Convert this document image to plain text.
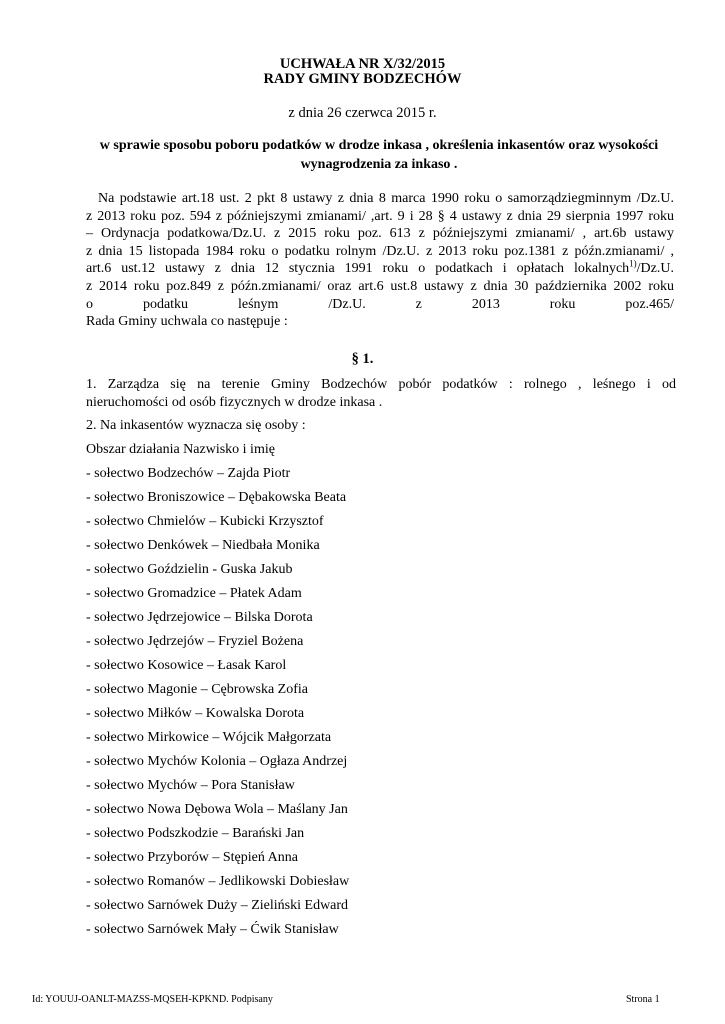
UCHWAŁA NR X/32/2015
RADY GMINY BODZECHÓW
z dnia 26 czerwca 2015 r.
w sprawie sposobu poboru podatków w drodze inkasa , określenia inkasentów oraz wysokości
wynagrodzenia za inkaso .
Na podstawie art.18 ust. 2 pkt 8 ustawy z dnia 8 marca 1990 roku o samorządziegminnym /Dz.U.
z 2013 roku poz. 594 z późniejszymi zmianami/ ,art. 9 i 28 § 4 ustawy z dnia 29 sierpnia 1997 roku
– Ordynacja podatkowa/Dz.U. z 2015 roku poz. 613 z późniejszymi zmianami/ , art.6b ustawy
z dnia 15 listopada 1984 roku o podatku rolnym /Dz.U. z 2013 roku poz.1381 z późn.zmianami/ ,
art.6 ust.12 ustawy z dnia 12 stycznia 1991 roku o podatkach i opłatach lokalnych$^{1)}$/Dz.U.
z 2014 roku poz.849 z późn.zmianami/ oraz art.6 ust.8 ustawy z dnia 30 października 2002 roku
o podatku leśnym /Dz.U. z 2013 roku poz.465/
Rada Gminy uchwala co następuje :
§ 1.
1. Zarządza się na terenie Gminy Bodzechów pobór podatków : rolnego , leśnego i od
nieruchomości od osób fizycznych w drodze inkasa .
2. Na inkasentów wyznacza się osoby :
Obszar działania Nazwisko i imię
- sołectwo Bodzechów – Zajda Piotr
- sołectwo Broniszowice – Dębakowska Beata
- sołectwo Chmielów – Kubicki Krzysztof
- sołectwo Denkówek – Niedbała Monika
- sołectwo Goździelin - Guska Jakub
- sołectwo Gromadzice – Płatek Adam
- sołectwo Jędrzejowice – Bilska Dorota
- sołectwo Jędrzejów – Fryziel Bożena
- sołectwo Kosowice – Łasak Karol
- sołectwo Magonie – Cębrowska Zofia
- sołectwo Miłków – Kowalska Dorota
- sołectwo Mirkowice – Wójcik Małgorzata
- sołectwo Mychów Kolonia – Ogłaza Andrzej
- sołectwo Mychów – Pora Stanisław
- sołectwo Nowa Dębowa Wola – Maślany Jan
- sołectwo Podszkodzie – Barański Jan
- sołectwo Przyborów – Stępień Anna
- sołectwo Romanów – Jedlikowski Dobiesław
- sołectwo Sarnówek Duży – Zieliński Edward
- sołectwo Sarnówek Mały – Ćwik Stanisław
Id: YOUUJ-OANLT-MAZSS-MQSEH-KPKND. Podpisany	Strona 1
